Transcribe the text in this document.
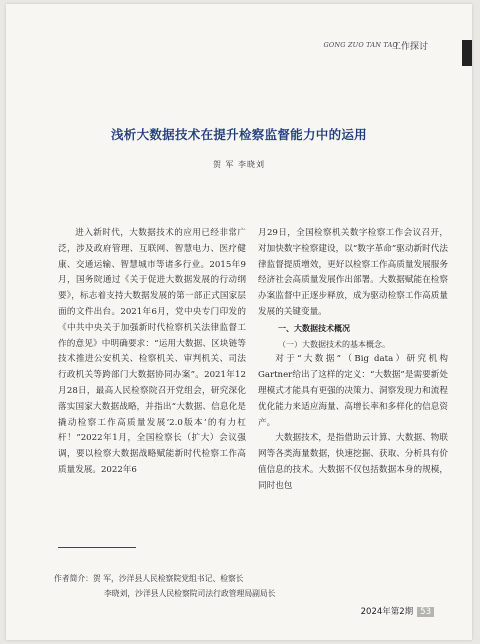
GONG ZUO TAN TAO
工作探讨
浅析大数据技术在提升检察监督能力中的运用
贺 军 李晓刘

进入新时代，大数据技术的应用已经非常广泛，涉及政府管理、互联网、智慧电力、医疗健康、交通运输、智慧城市等诸多行业。2015年9月，国务院通过《关于促进大数据发展的行动纲要》，标志着支持大数据发展的第一部正式国家层面的文件出台。2021年6月，党中央专门印发的《中共中央关于加强新时代检察机关法律监督工作的意见》中明确要求：“运用大数据、区块链等技术推进公安机关、检察机关、审判机关、司法行政机关等跨部门大数据协同办案”。2021年12月28日，最高人民检察院召开党组会，研究深化落实国家大数据战略，并指出“大数据、信息化是撬动检察工作高质量发展‘2.0版本’的有力杠杆！”2022年1月，全国检察长（扩大）会议强调，要以检察大数据战略赋能新时代检察工作高质量发展。2022年6

月29日，全国检察机关数字检察工作会议召开，对加快数字检察建设，以“数字革命”驱动新时代法律监督提质增效，更好以检察工作高质量发展服务经济社会高质量发展作出部署。大数据赋能在检察办案监督中正逐步释放，成为驱动检察工作高质量发展的关键变量。

一、大数据技术概况

（一）大数据技术的基本概念。

对于“大数据”（Big data）研究机构Gartner给出了这样的定义：“大数据”是需要新处理模式才能具有更强的决策力、洞察发现力和流程优化能力来适应海量、高增长率和多样化的信息资产。

大数据技术，是指借助云计算、大数据、物联网等各类海量数据，快速挖掘、获取、分析具有价值信息的技术。大数据不仅包括数据本身的规模，同时也包

作者简介：贺 军，沙洋县人民检察院党组书记、检察长
李晓刘，沙洋县人民检察院司法行政管理局副局长
2024年第2期 53
